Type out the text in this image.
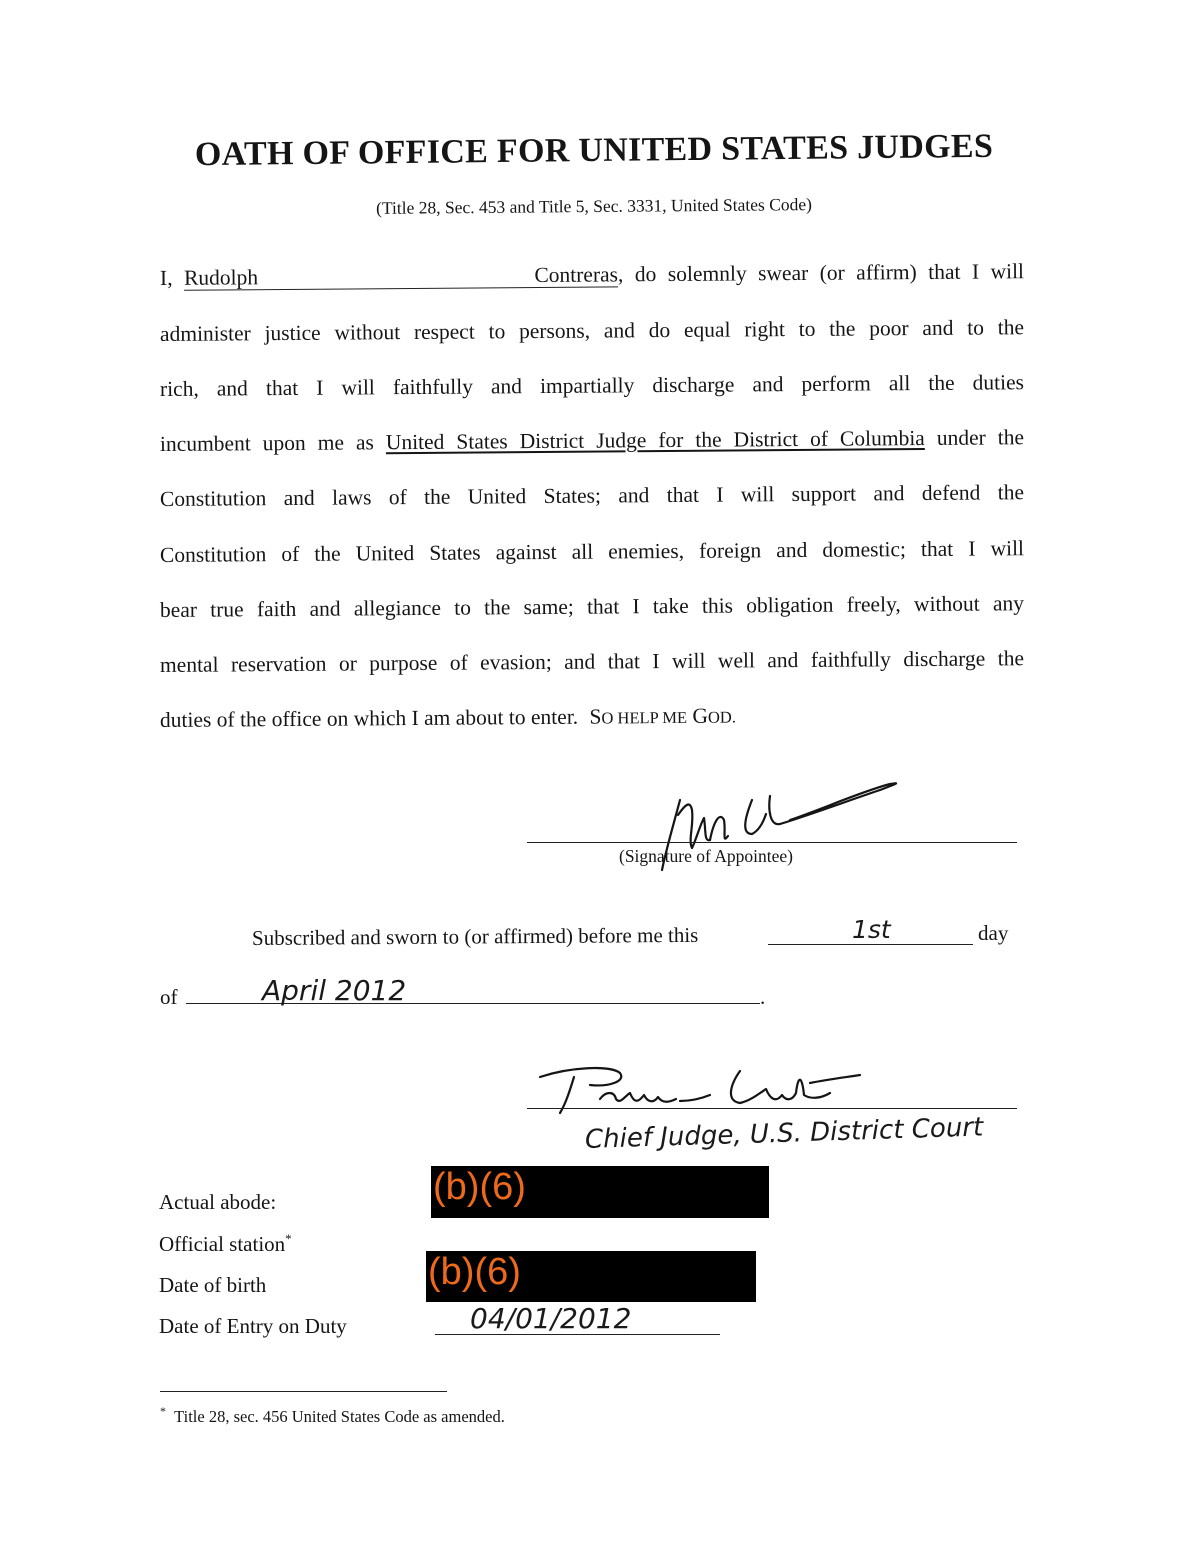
OATH OF OFFICE FOR UNITED STATES JUDGES
(Title 28, Sec. 453 and Title 5, Sec. 3331, United States Code)
I, Rudolph Contreras, do solemnly swear (or affirm) that I will
administer justice without respect to persons, and do equal right to the poor and to the
rich, and that I will faithfully and impartially discharge and perform all the duties
incumbent upon me as United States District Judge for the District of Columbia under the
Constitution and laws of the United States; and that I will support and defend the
Constitution of the United States against all enemies, foreign and domestic; that I will
bear true faith and allegiance to the same; that I take this obligation freely, without any
mental reservation or purpose of evasion; and that I will well and faithfully discharge the
duties of the office on which I am about to enter. SO HELP ME GOD.
(Signature of Appointee)
Subscribed and sworn to (or affirmed) before me this	1st	day
of	April 2012	.
Chief Judge, U.S. District Court
Actual abode:	(b)(6)
Official station*
Date of birth	(b)(6)
Date of Entry on Duty	04/01/2012
* Title 28, sec. 456 United States Code as amended.
